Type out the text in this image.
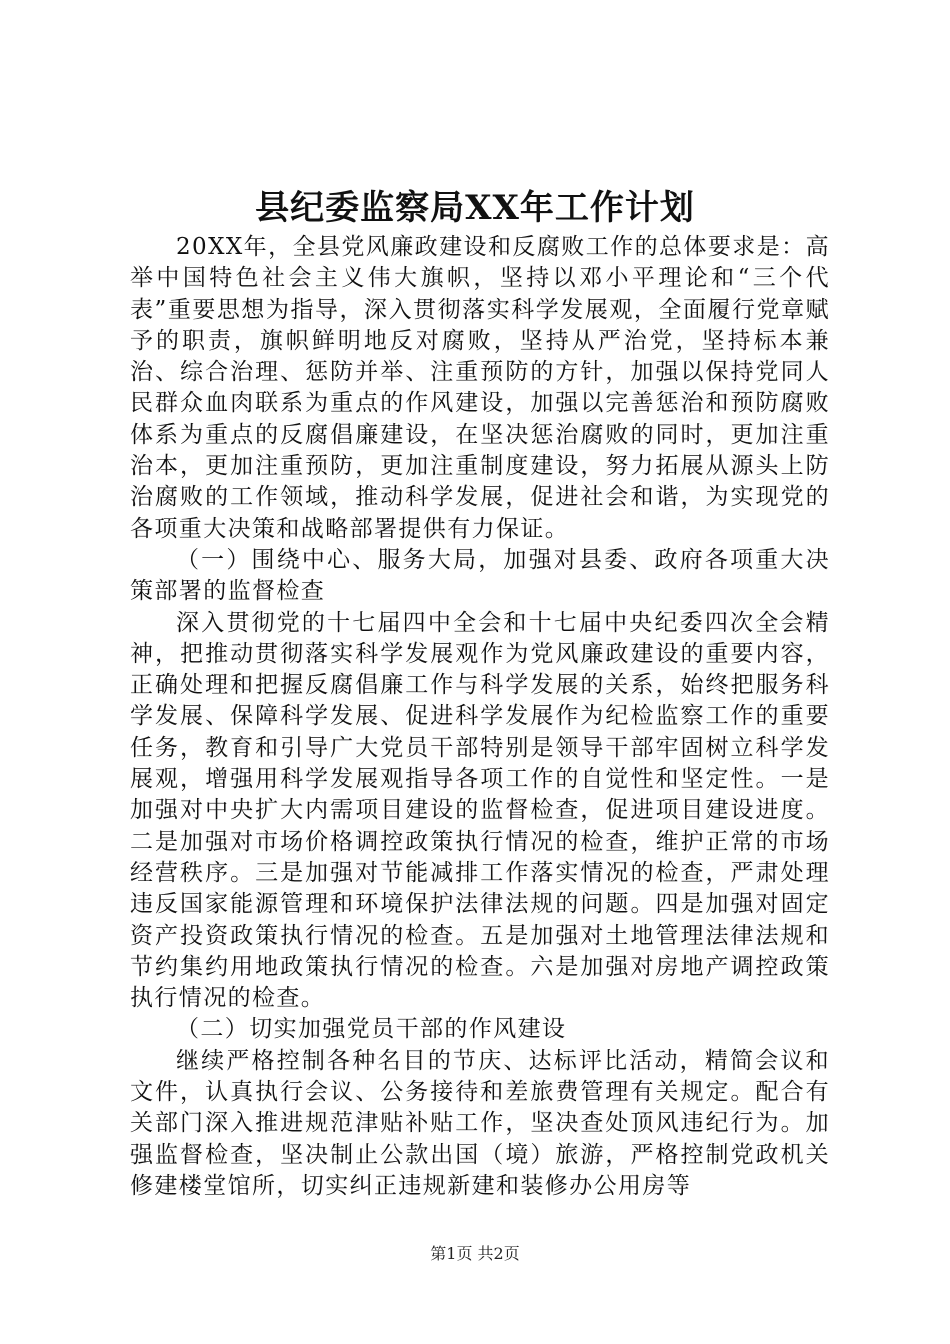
县纪委监察局XX年工作计划

20XX年，全县党风廉政建设和反腐败工作的总体要求是：高举中国特色社会主义伟大旗帜，坚持以邓小平理论和“三个代表”重要思想为指导，深入贯彻落实科学发展观，全面履行党章赋予的职责，旗帜鲜明地反对腐败，坚持从严治党，坚持标本兼治、综合治理、惩防并举、注重预防的方针，加强以保持党同人民群众血肉联系为重点的作风建设，加强以完善惩治和预防腐败体系为重点的反腐倡廉建设，在坚决惩治腐败的同时，更加注重治本，更加注重预防，更加注重制度建设，努力拓展从源头上防治腐败的工作领域，推动科学发展，促进社会和谐，为实现党的各项重大决策和战略部署提供有力保证。

（一）围绕中心、服务大局，加强对县委、政府各项重大决策部署的监督检查

深入贯彻党的十七届四中全会和十七届中央纪委四次全会精神，把推动贯彻落实科学发展观作为党风廉政建设的重要内容，正确处理和把握反腐倡廉工作与科学发展的关系，始终把服务科学发展、保障科学发展、促进科学发展作为纪检监察工作的重要任务，教育和引导广大党员干部特别是领导干部牢固树立科学发展观，增强用科学发展观指导各项工作的自觉性和坚定性。一是加强对中央扩大内需项目建设的监督检查，促进项目建设进度。二是加强对市场价格调控政策执行情况的检查，维护正常的市场经营秩序。三是加强对节能减排工作落实情况的检查，严肃处理违反国家能源管理和环境保护法律法规的问题。四是加强对固定资产投资政策执行情况的检查。五是加强对土地管理法律法规和节约集约用地政策执行情况的检查。六是加强对房地产调控政策执行情况的检查。

（二）切实加强党员干部的作风建设

继续严格控制各种名目的节庆、达标评比活动，精简会议和文件，认真执行会议、公务接待和差旅费管理有关规定。配合有关部门深入推进规范津贴补贴工作，坚决查处顶风违纪行为。加强监督检查，坚决制止公款出国（境）旅游，严格控制党政机关修建楼堂馆所，切实纠正违规新建和装修办公用房等

第1页 共2页
